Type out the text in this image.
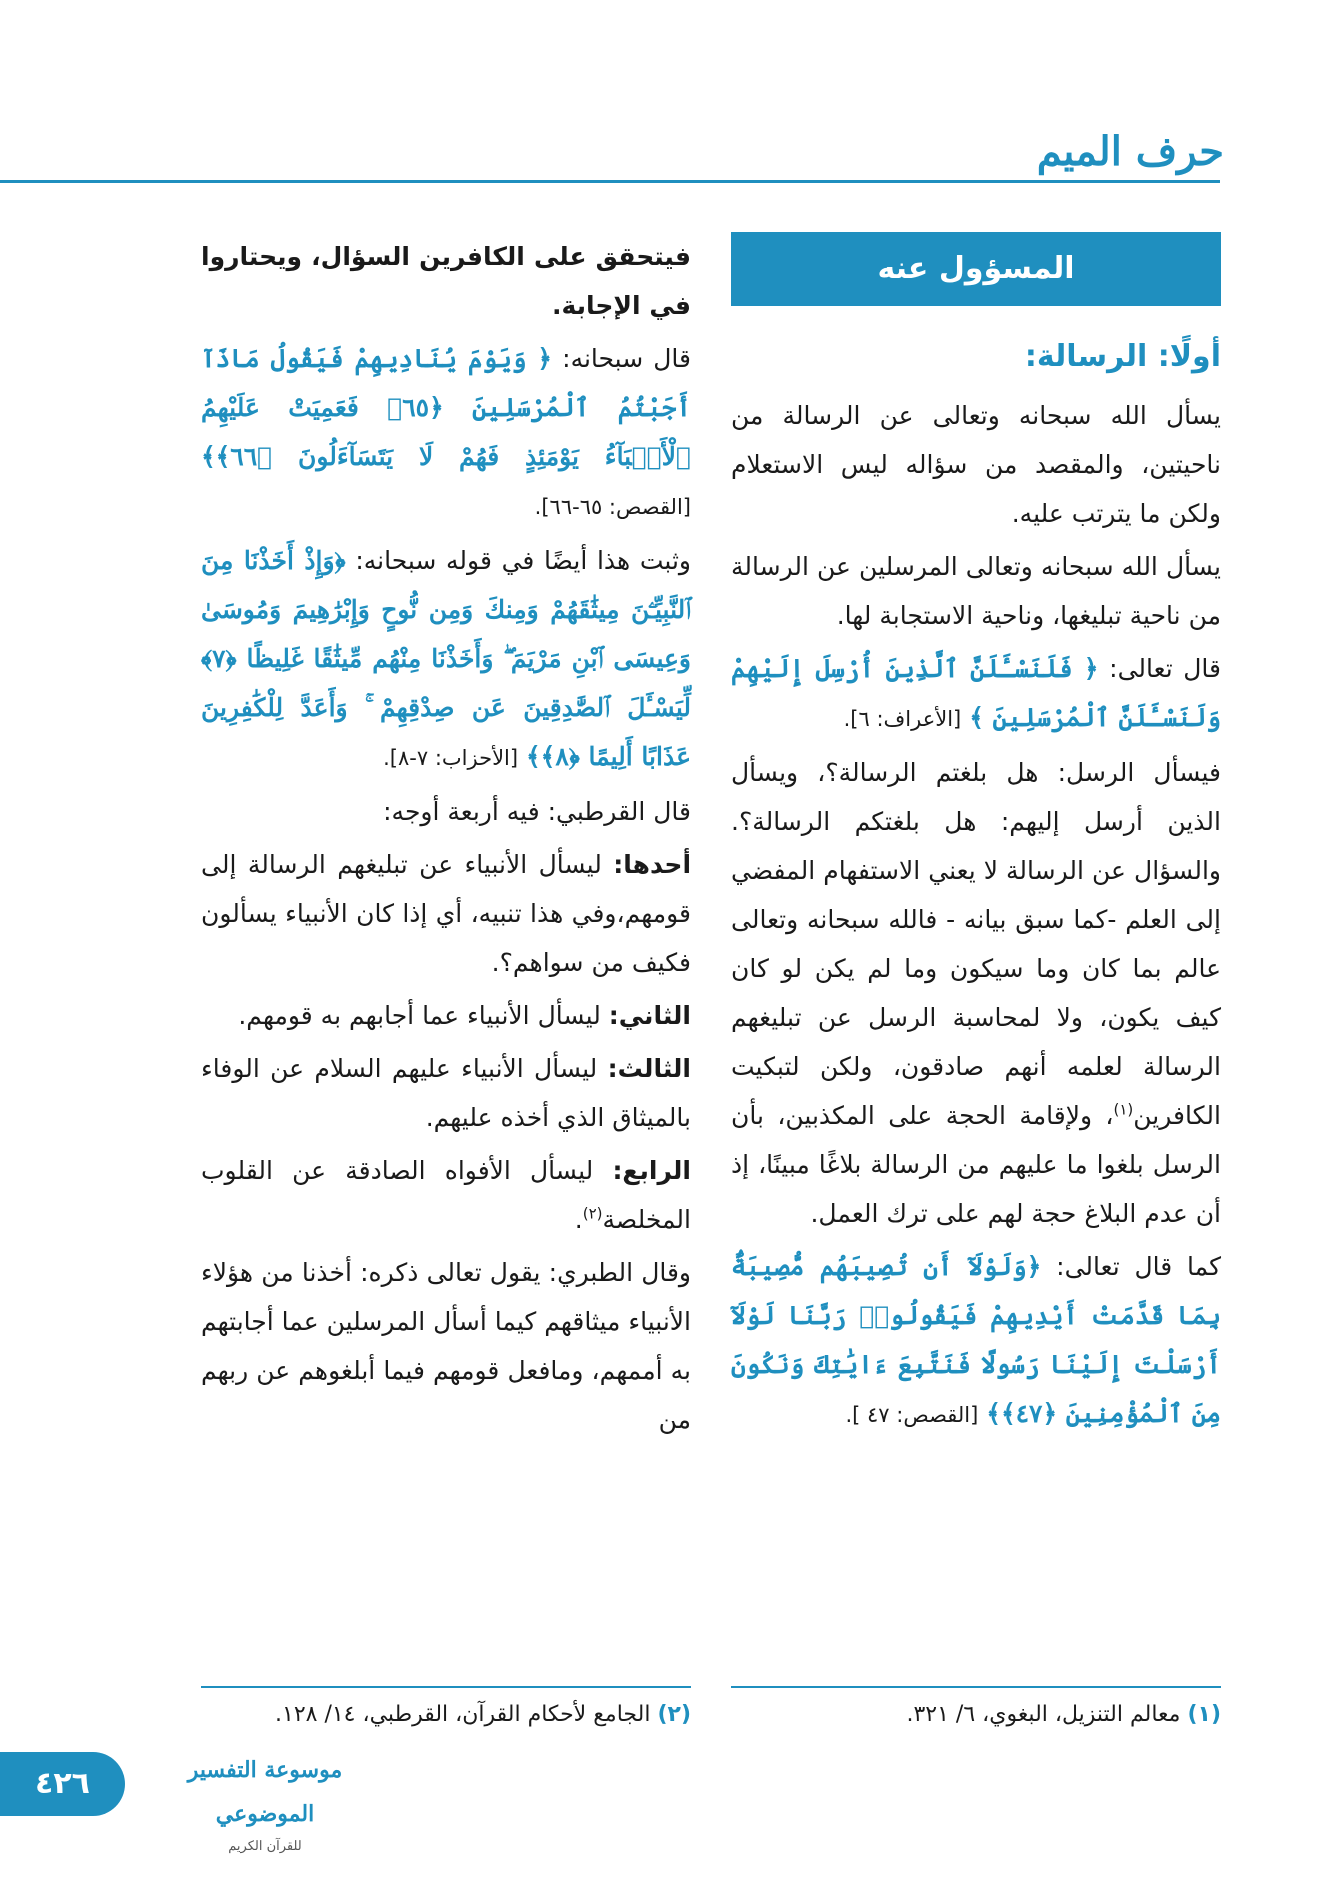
حرف الميم
المسؤول عنه
أولًا: الرسالة:

يسأل الله سبحانه وتعالى عن الرسالة من ناحيتين، والمقصد من سؤاله ليس الاستعلام ولكن ما يترتب عليه.

يسأل الله سبحانه وتعالى المرسلين عن الرسالة من ناحية تبليغها، وناحية الاستجابة لها.

قال تعالى: ﴿ فَلَنَسْـَٔلَنَّ ٱلَّذِينَ أُرْسِلَ إِلَيْهِمْ وَلَنَسْـَٔلَنَّ ٱلْمُرْسَلِينَ ﴾ [الأعراف: ٦].

فيسأل الرسل: هل بلغتم الرسالة؟، ويسأل الذين أرسل إليهم: هل بلغتكم الرسالة؟. والسؤال عن الرسالة لا يعني الاستفهام المفضي إلى العلم -كما سبق بيانه - فالله سبحانه وتعالى عالم بما كان وما سيكون وما لم يكن لو كان كيف يكون، ولا لمحاسبة الرسل عن تبليغهم الرسالة لعلمه أنهم صادقون، ولكن لتبكيت الكافرين$^{(١)}$، ولإقامة الحجة على المكذبين، بأن الرسل بلغوا ما عليهم من الرسالة بلاغًا مبينًا، إذ أن عدم البلاغ حجة لهم على ترك العمل.

كما قال تعالى: ﴿وَلَوْلَآ أَن تُصِيبَهُم مُّصِيبَةٌۢ بِمَا قَدَّمَتْ أَيْدِيهِمْ فَيَقُولُوا۟ رَبَّنَا لَوْلَآ أَرْسَلْتَ إِلَيْنَا رَسُولًا فَنَتَّبِعَ ءَايَٰتِكَ وَنَكُونَ مِنَ ٱلْمُؤْمِنِينَ ﴿٤٧﴾﴾ [القصص: ٤٧ ].

فيتحقق على الكافرين السؤال، ويحتاروا في الإجابة.

قال سبحانه: ﴿ وَيَوْمَ يُنَادِيهِمْ فَيَقُولُ مَاذَآ أَجَبْتُمُ ٱلْمُرْسَلِينَ ﴿٦٥﴾ فَعَمِيَتْ عَلَيْهِمُ ٱلْأَنۢبَآءُ يَوْمَئِذٍ فَهُمْ لَا يَتَسَآءَلُونَ ﴿٦٦﴾﴾ [القصص: ٦٥-٦٦].

وثبت هذا أيضًا في قوله سبحانه: ﴿وَإِذْ أَخَذْنَا مِنَ ٱلنَّبِيِّـۧنَ مِيثَٰقَهُمْ وَمِنكَ وَمِن نُّوحٍ وَإِبْرَٰهِيمَ وَمُوسَىٰ وَعِيسَى ٱبْنِ مَرْيَمَ ۖ وَأَخَذْنَا مِنْهُم مِّيثَٰقًا غَلِيظًا ﴿٧﴾ لِّيَسْـَٔلَ ٱلصَّٰدِقِينَ عَن صِدْقِهِمْ ۚ وَأَعَدَّ لِلْكَٰفِرِينَ عَذَابًا أَلِيمًا ﴿٨﴾﴾ [الأحزاب: ٧-٨].

قال القرطبي: فيه أربعة أوجه:

أحدها: ليسأل الأنبياء عن تبليغهم الرسالة إلى قومهم،وفي هذا تنبيه، أي إذا كان الأنبياء يسألون فكيف من سواهم؟.

الثاني: ليسأل الأنبياء عما أجابهم به قومهم.

الثالث: ليسأل الأنبياء عليهم السلام عن الوفاء بالميثاق الذي أخذه عليهم.

الرابع: ليسأل الأفواه الصادقة عن القلوب المخلصة$^{(٢)}$.

وقال الطبري: يقول تعالى ذكره: أخذنا من هؤلاء الأنبياء ميثاقهم كيما أسأل المرسلين عما أجابتهم به أممهم، ومافعل قومهم فيما أبلغوهم عن ربهم من

(١) معالم التنزيل، البغوي، ٦/ ٣٢١.
(٢) الجامع لأحكام القرآن، القرطبي، ١٤/ ١٢٨.
٤٢٦	موسوعة التفسير الموضوعي
للقرآن الكريم
